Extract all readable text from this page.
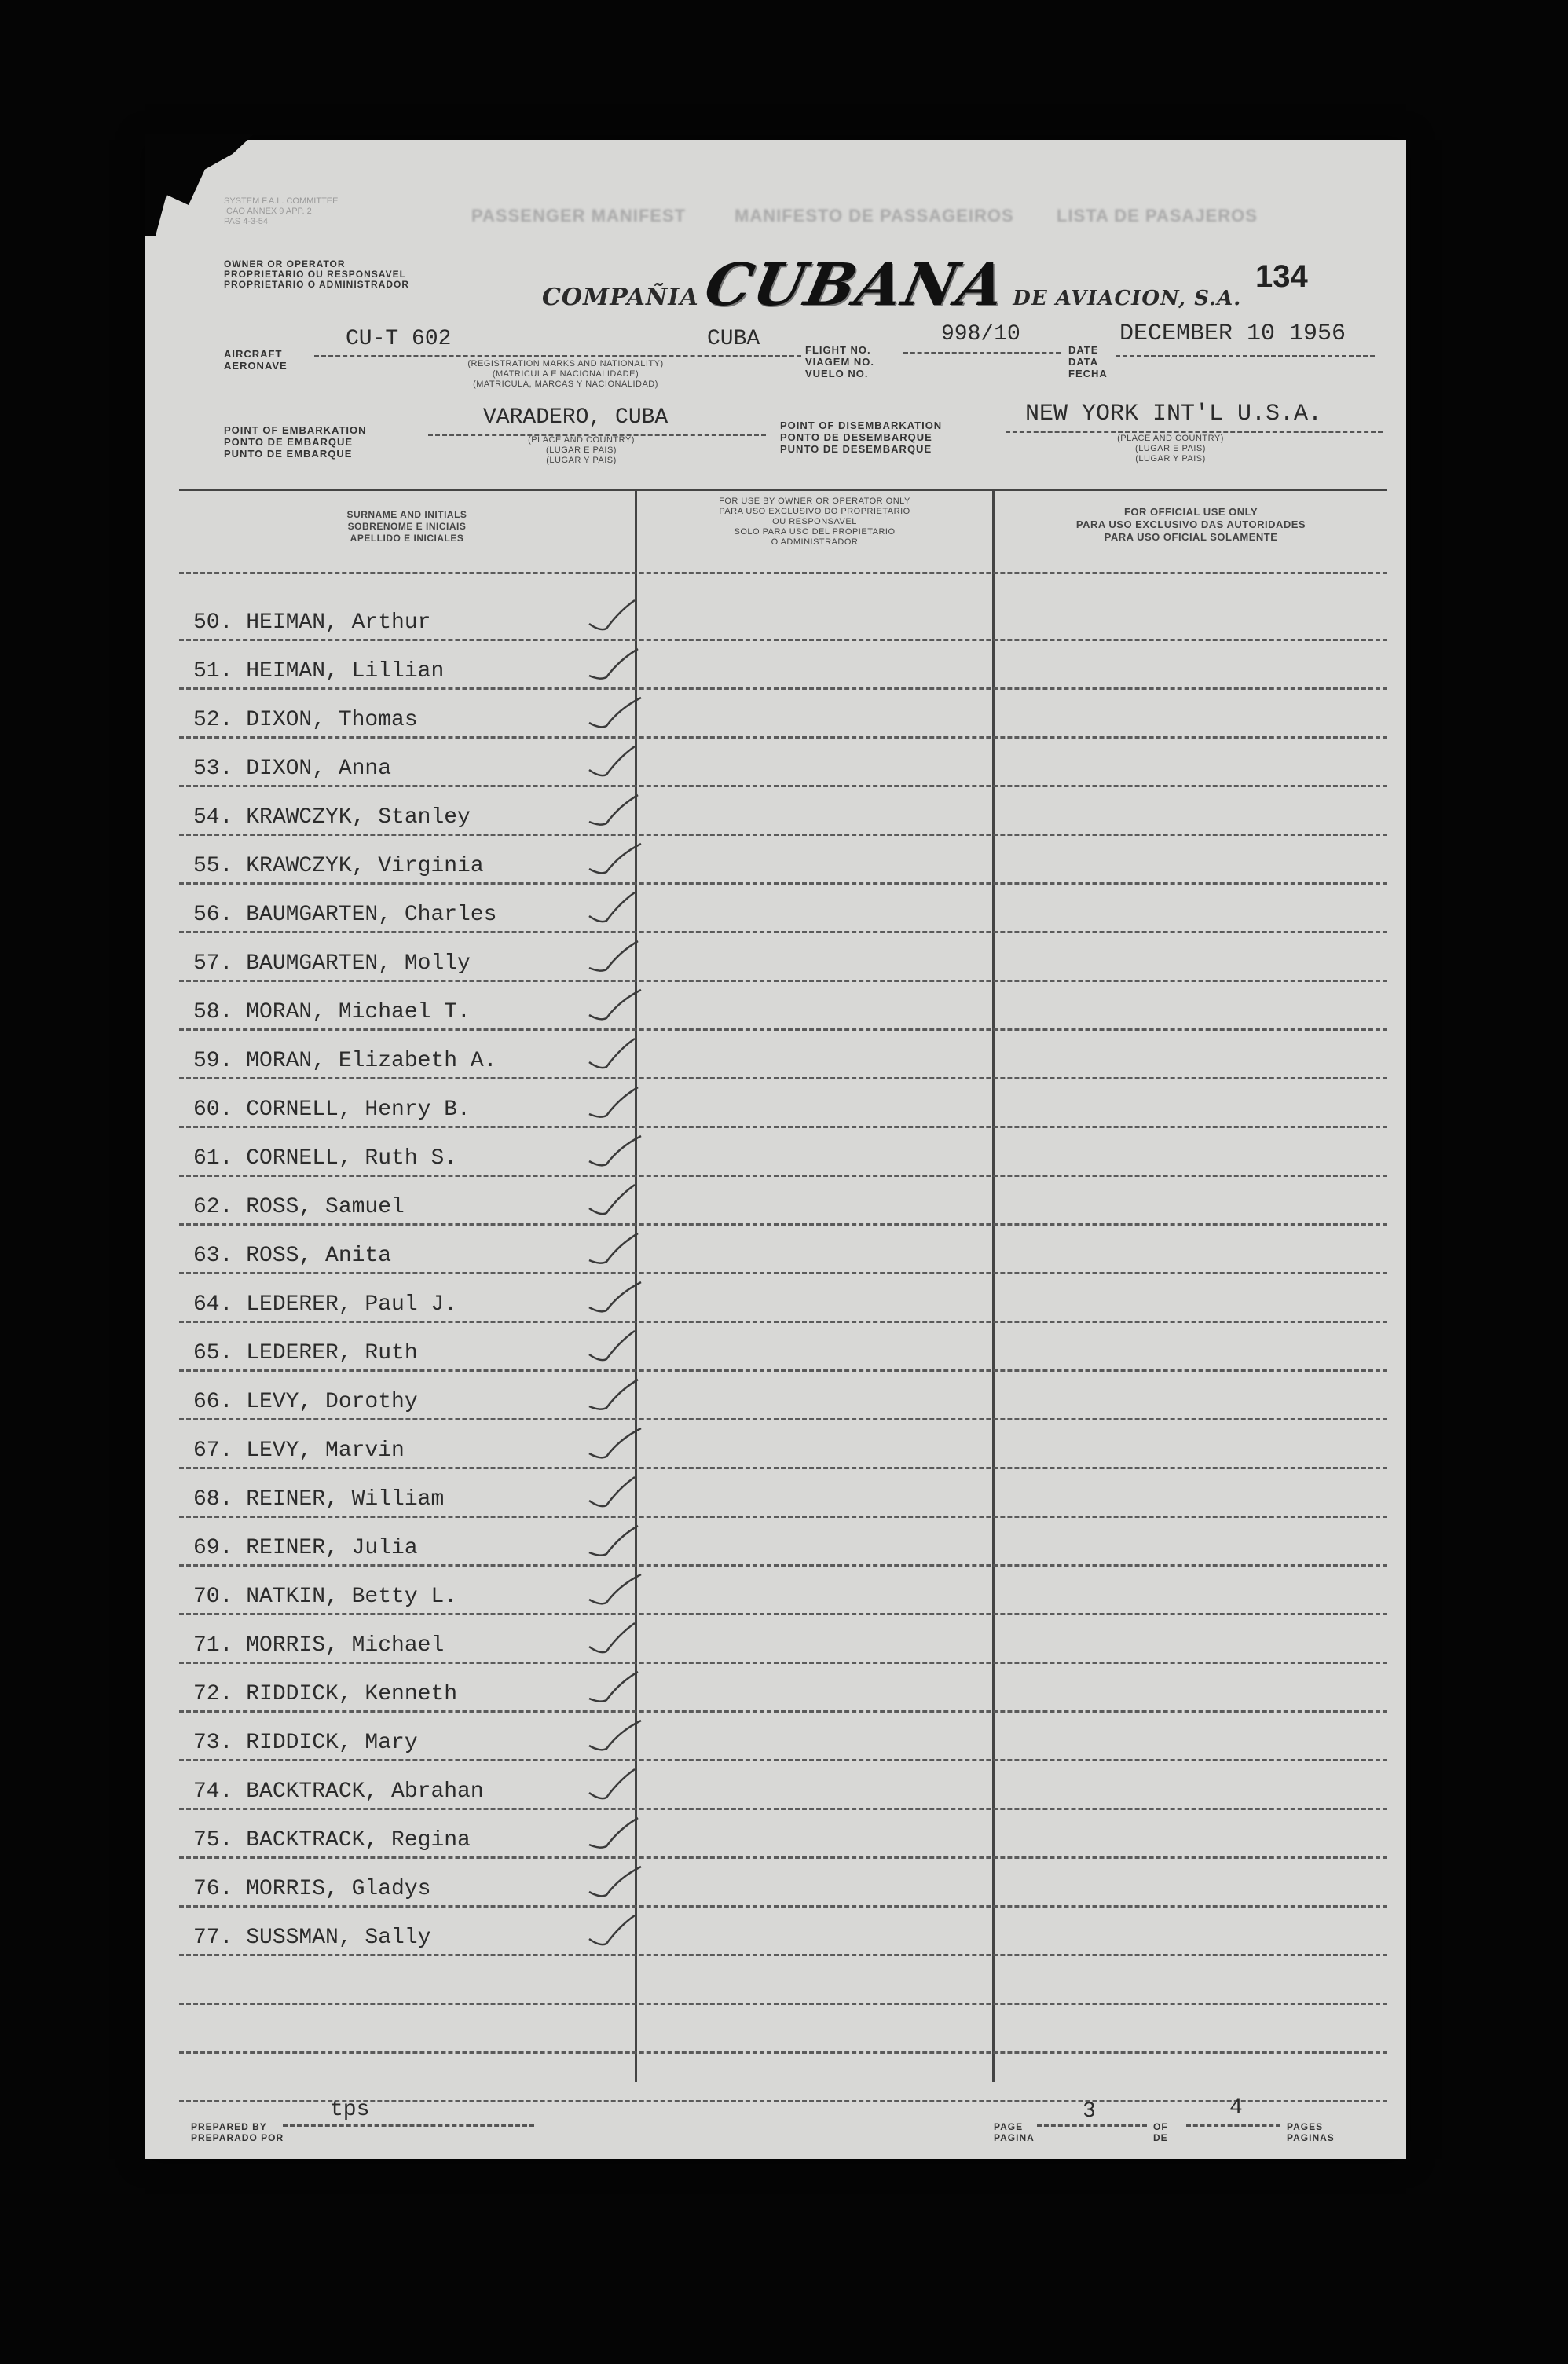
SYSTEM F.A.L. COMMITTEE
ICAO ANNEX 9 APP. 2
PAS 4-3-54	PASSENGER MANIFEST	MANIFESTO DE PASSAGEIROS LISTA DE PASAJEROS
OWNER OR OPERATOR
PROPRIETARIO OU RESPONSAVEL
PROPRIETARIO O ADMINISTRADOR	COMPAÑIA CUBANA DE AVIACION, S.A.
134
AIRCRAFT
AERONAVE
CU-T 602	CUBA
(REGISTRATION MARKS AND NATIONALITY)
(MATRICULA E NACIONALIDADE)
(MATRICULA, MARCAS Y NACIONALIDAD)
FLIGHT NO.
VIAGEM NO.
VUELO NO.
998/10
DATE
DATA
FECHA
DECEMBER 10 1956
POINT OF EMBARKATION
PONTO DE EMBARQUE
PUNTO DE EMBARQUE
VARADERO, CUBA
(PLACE AND COUNTRY)
(LUGAR E PAIS)
(LUGAR Y PAIS)
POINT OF DISEMBARKATION
PONTO DE DESEMBARQUE
PUNTO DE DESEMBARQUE
NEW YORK INT'L U.S.A.
(PLACE AND COUNTRY)
(LUGAR E PAIS)
(LUGAR Y PAIS)
SURNAME AND INITIALS
SOBRENOME E INICIAIS
APELLIDO E INICIALES
FOR USE BY OWNER OR OPERATOR ONLY
PARA USO EXCLUSIVO DO PROPRIETARIO
OU RESPONSAVEL
SOLO PARA USO DEL PROPIETARIO
O ADMINISTRADOR
FOR OFFICIAL USE ONLY
PARA USO EXCLUSIVO DAS AUTORIDADES
PARA USO OFICIAL SOLAMENTE
50. HEIMAN, Arthur
51. HEIMAN, Lillian
52. DIXON, Thomas
53. DIXON, Anna
54. KRAWCZYK, Stanley
55. KRAWCZYK, Virginia
56. BAUMGARTEN, Charles
57. BAUMGARTEN, Molly
58. MORAN, Michael T.
59. MORAN, Elizabeth A.
60. CORNELL, Henry B.
61. CORNELL, Ruth S.
62. ROSS, Samuel
63. ROSS, Anita
64. LEDERER, Paul J.
65. LEDERER, Ruth
66. LEVY, Dorothy
67. LEVY, Marvin
68. REINER, William
69. REINER, Julia
70. NATKIN, Betty L.
71. MORRIS, Michael
72. RIDDICK, Kenneth
73. RIDDICK, Mary
74. BACKTRACK, Abrahan
75. BACKTRACK, Regina
76. MORRIS, Gladys
77. SUSSMAN, Sally
PREPARED BY
PREPARADO POR
tps
PAGE
PAGINA
3
OF
DE
4
PAGES
PAGINAS
